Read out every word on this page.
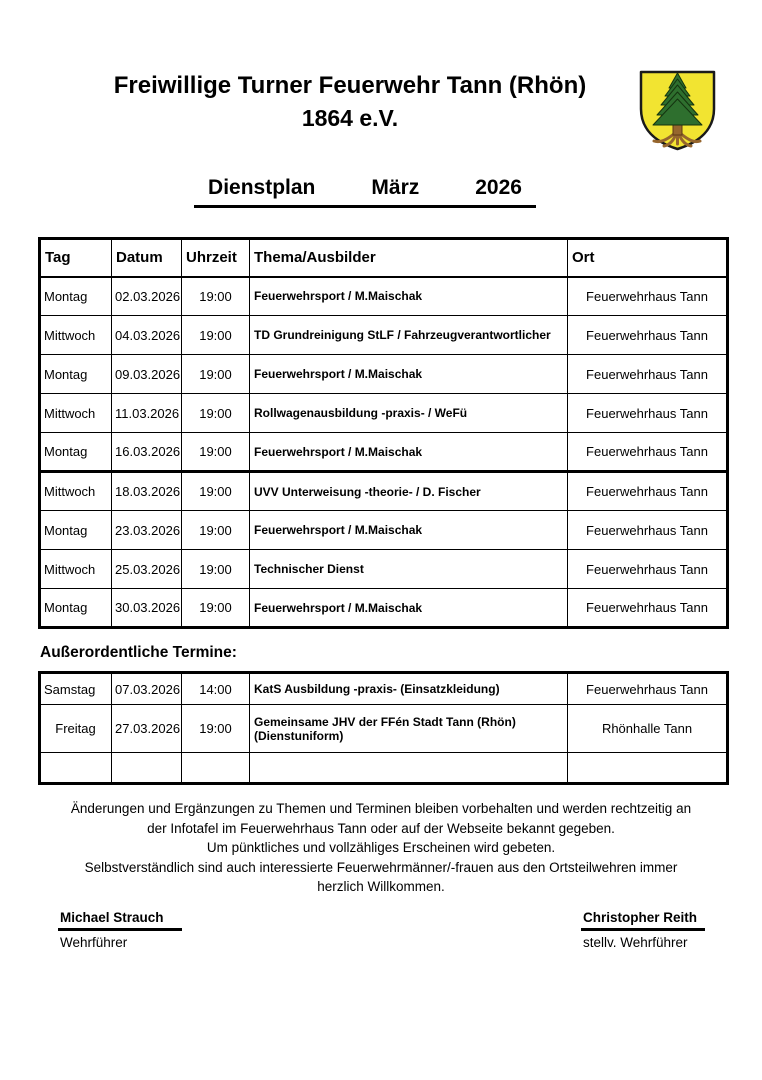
Freiwillige Turner Feuerwehr Tann (Rhön)
1864 e.V.
Dienstplan	März	2026
Tag	Datum	Uhrzeit	Thema/Ausbilder	Ort
Montag	02.03.2026	19:00	Feuerwehrsport / M.Maischak	Feuerwehrhaus Tann
Mittwoch	04.03.2026	19:00	TD Grundreinigung StLF / Fahrzeugverantwortlicher	Feuerwehrhaus Tann
Montag	09.03.2026	19:00	Feuerwehrsport / M.Maischak	Feuerwehrhaus Tann
Mittwoch	11.03.2026	19:00	Rollwagenausbildung -praxis- / WeFü	Feuerwehrhaus Tann
Montag	16.03.2026	19:00	Feuerwehrsport / M.Maischak	Feuerwehrhaus Tann
Mittwoch	18.03.2026	19:00	UVV Unterweisung -theorie- / D. Fischer	Feuerwehrhaus Tann
Montag	23.03.2026	19:00	Feuerwehrsport / M.Maischak	Feuerwehrhaus Tann
Mittwoch	25.03.2026	19:00	Technischer Dienst	Feuerwehrhaus Tann
Montag	30.03.2026	19:00	Feuerwehrsport / M.Maischak	Feuerwehrhaus Tann
Außerordentliche Termine:
Samstag	07.03.2026	14:00	KatS Ausbildung -praxis- (Einsatzkleidung)	Feuerwehrhaus Tann
Freitag	27.03.2026	19:00	Gemeinsame JHV der FFén Stadt Tann (Rhön)
(Dienstuniform)	Rhönhalle Tann

Änderungen und Ergänzungen zu Themen und Terminen bleiben vorbehalten und werden rechtzeitig an
der Infotafel im Feuerwehrhaus Tann oder auf der Webseite bekannt gegeben.
Um pünktliches und vollzähliges Erscheinen wird gebeten.
Selbstverständlich sind auch interessierte Feuerwehrmänner/-frauen aus den Ortsteilwehren immer
herzlich Willkommen.
Michael Strauch
Wehrführer
Christopher Reith
stellv. Wehrführer
